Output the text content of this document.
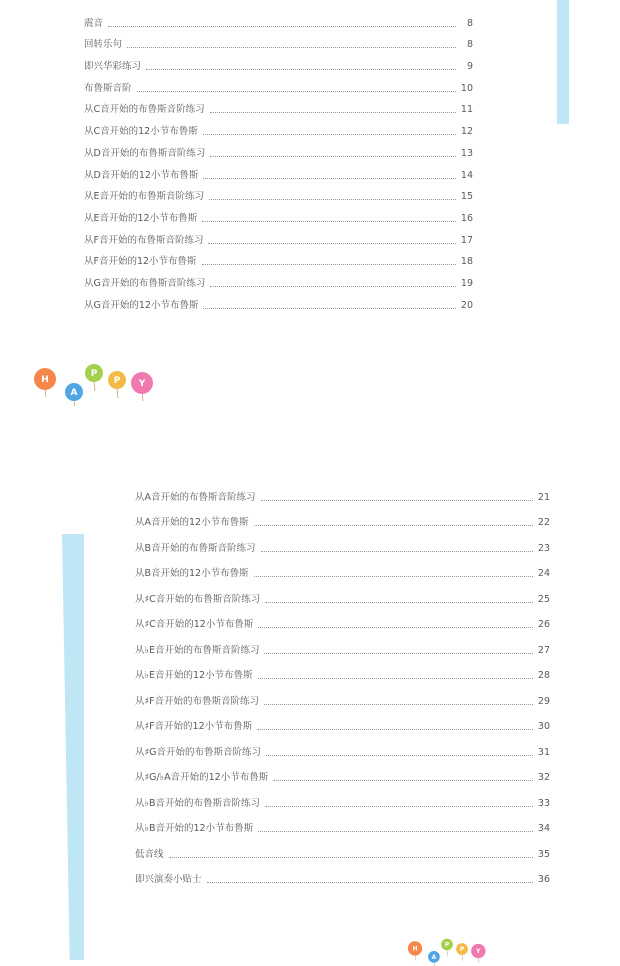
震音	8
回转乐句	8
即兴华彩练习	9
布鲁斯音阶	10
从C音开始的布鲁斯音阶练习	11
从C音开始的12小节布鲁斯	12
从D音开始的布鲁斯音阶练习	13
从D音开始的12小节布鲁斯	14
从E音开始的布鲁斯音阶练习	15
从E音开始的12小节布鲁斯	16
从F音开始的布鲁斯音阶练习	17
从F音开始的12小节布鲁斯	18
从G音开始的布鲁斯音阶练习	19
从G音开始的12小节布鲁斯	20
H
A
P
P Y
从A音开始的布鲁斯音阶练习	21
从A音开始的12小节布鲁斯	22
从B音开始的布鲁斯音阶练习	23
从B音开始的12小节布鲁斯	24
从♯C音开始的布鲁斯音阶练习	25
从♯C音开始的12小节布鲁斯	26
从♭E音开始的布鲁斯音阶练习	27
从♭E音开始的12小节布鲁斯	28
从♯F音开始的布鲁斯音阶练习	29
从♯F音开始的12小节布鲁斯	30
从♯G音开始的布鲁斯音阶练习	31
从♯G/♭A音开始的12小节布鲁斯	32
从♭B音开始的布鲁斯音阶练习	33
从♭B音开始的12小节布鲁斯	34
低音线	35
即兴演奏小贴士	36
H
A
P
P Y
